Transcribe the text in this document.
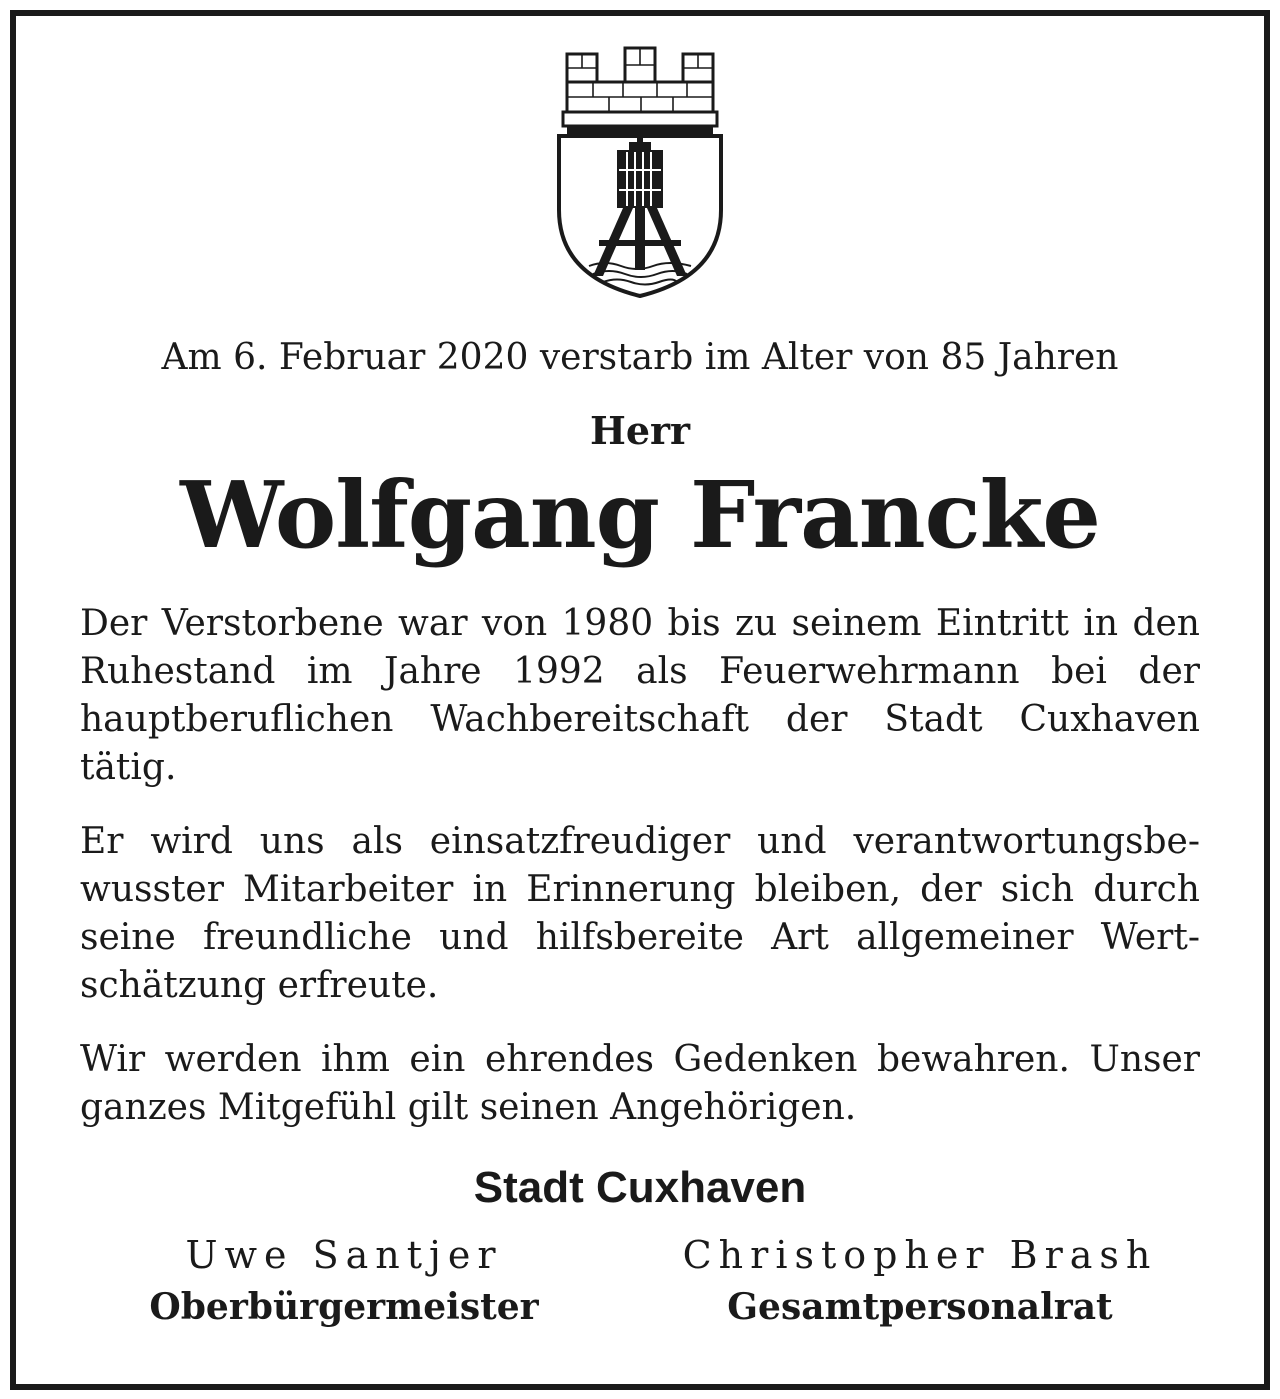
Am 6. Februar 2020 verstarb im Alter von 85 Jahren
Herr
Wolfgang Francke

Der Verstorbene war von 1980 bis zu seinem Eintritt in den Ruhestand im Jahre 1992 als Feuerwehrmann bei der hauptberuflichen Wachbereitschaft der Stadt Cuxhaven tätig.

Er wird uns als einsatzfreudiger und verantwortungsbewusster Mitarbeiter in Erinnerung bleiben, der sich durch seine freundliche und hilfsbereite Art allgemeiner Wertschätzung erfreute.

Wir werden ihm ein ehrendes Gedenken bewahren. Unser ganzes Mitgefühl gilt seinen Angehörigen.

Stadt Cuxhaven
Uwe Santjer
Oberbürgermeister
Christopher Brash
Gesamtpersonalrat
